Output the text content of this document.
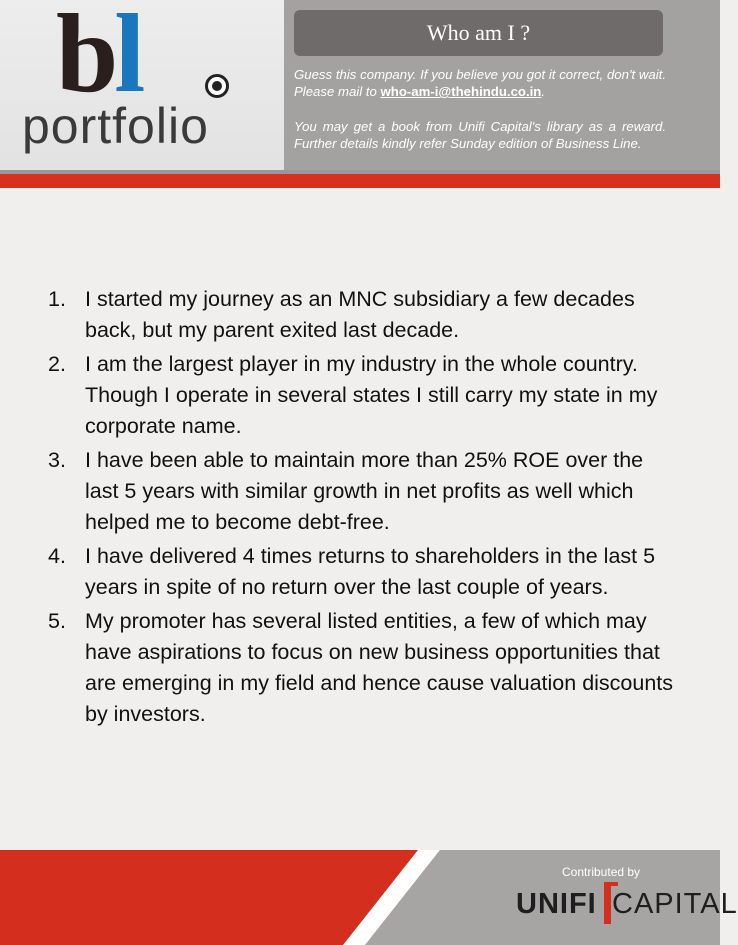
bl
portfolio
Who am I ?
Guess this company. If you believe you got it correct, don't wait. Please mail to who-am-i@thehindu.co.in.
You may get a book from Unifi Capital's library as a reward. Further details kindly refer Sunday edition of Business Line.
1. I started my journey as an MNC subsidiary a few decades back, but my parent exited last decade.
2. I am the largest player in my industry in the whole country. Though I operate in several states I still carry my state in my corporate name.
3. I have been able to maintain more than 25% ROE over the last 5 years with similar growth in net profits as well which helped me to become debt-free.
4. I have delivered 4 times returns to shareholders in the last 5 years in spite of no return over the last couple of years.
5. My promoter has several listed entities, a few of which may have aspirations to focus on new business opportunities that are emerging in my field and hence cause valuation discounts by investors.
Contributed by
UNIFI CAPITAL
